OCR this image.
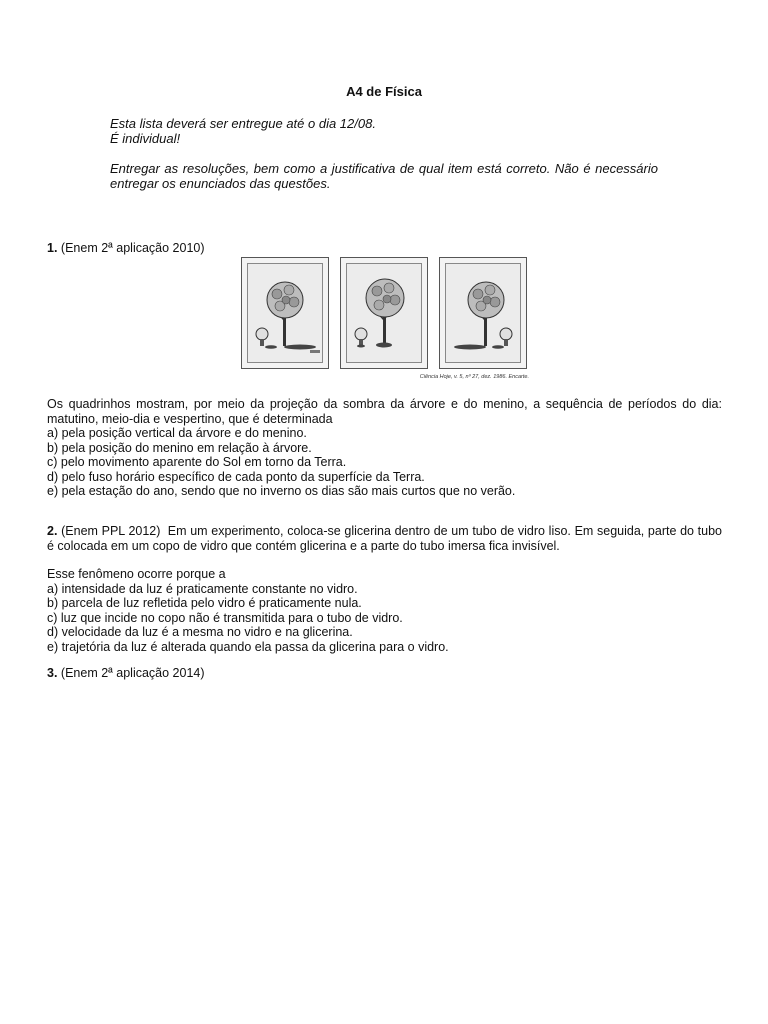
A4 de Física

Esta lista deverá ser entregue até o dia 12/08.

É individual!

Entregar as resoluções, bem como a justificativa de qual item está correto. Não é necessário entregar os enunciados das questões.

1. (Enem 2ª aplicação 2010)
Ciência Hoje, v. 5, nº 27, dez. 1986. Encarte.

Os quadrinhos mostram, por meio da projeção da sombra da árvore e do menino, a sequência de períodos do dia: matutino, meio-dia e vespertino, que é determinada

a) pela posição vertical da árvore e do menino.

b) pela posição do menino em relação à árvore.

c) pelo movimento aparente do Sol em torno da Terra.

d) pelo fuso horário específico de cada ponto da superfície da Terra.

e) pela estação do ano, sendo que no inverno os dias são mais curtos que no verão.

2. (Enem PPL 2012) Em um experimento, coloca-se glicerina dentro de um tubo de vidro liso. Em seguida, parte do tubo é colocada em um copo de vidro que contém glicerina e a parte do tubo imersa fica invisível.

Esse fenômeno ocorre porque a

a) intensidade da luz é praticamente constante no vidro.

b) parcela de luz refletida pelo vidro é praticamente nula.

c) luz que incide no copo não é transmitida para o tubo de vidro.

d) velocidade da luz é a mesma no vidro e na glicerina.

e) trajetória da luz é alterada quando ela passa da glicerina para o vidro.

3. (Enem 2ª aplicação 2014)
